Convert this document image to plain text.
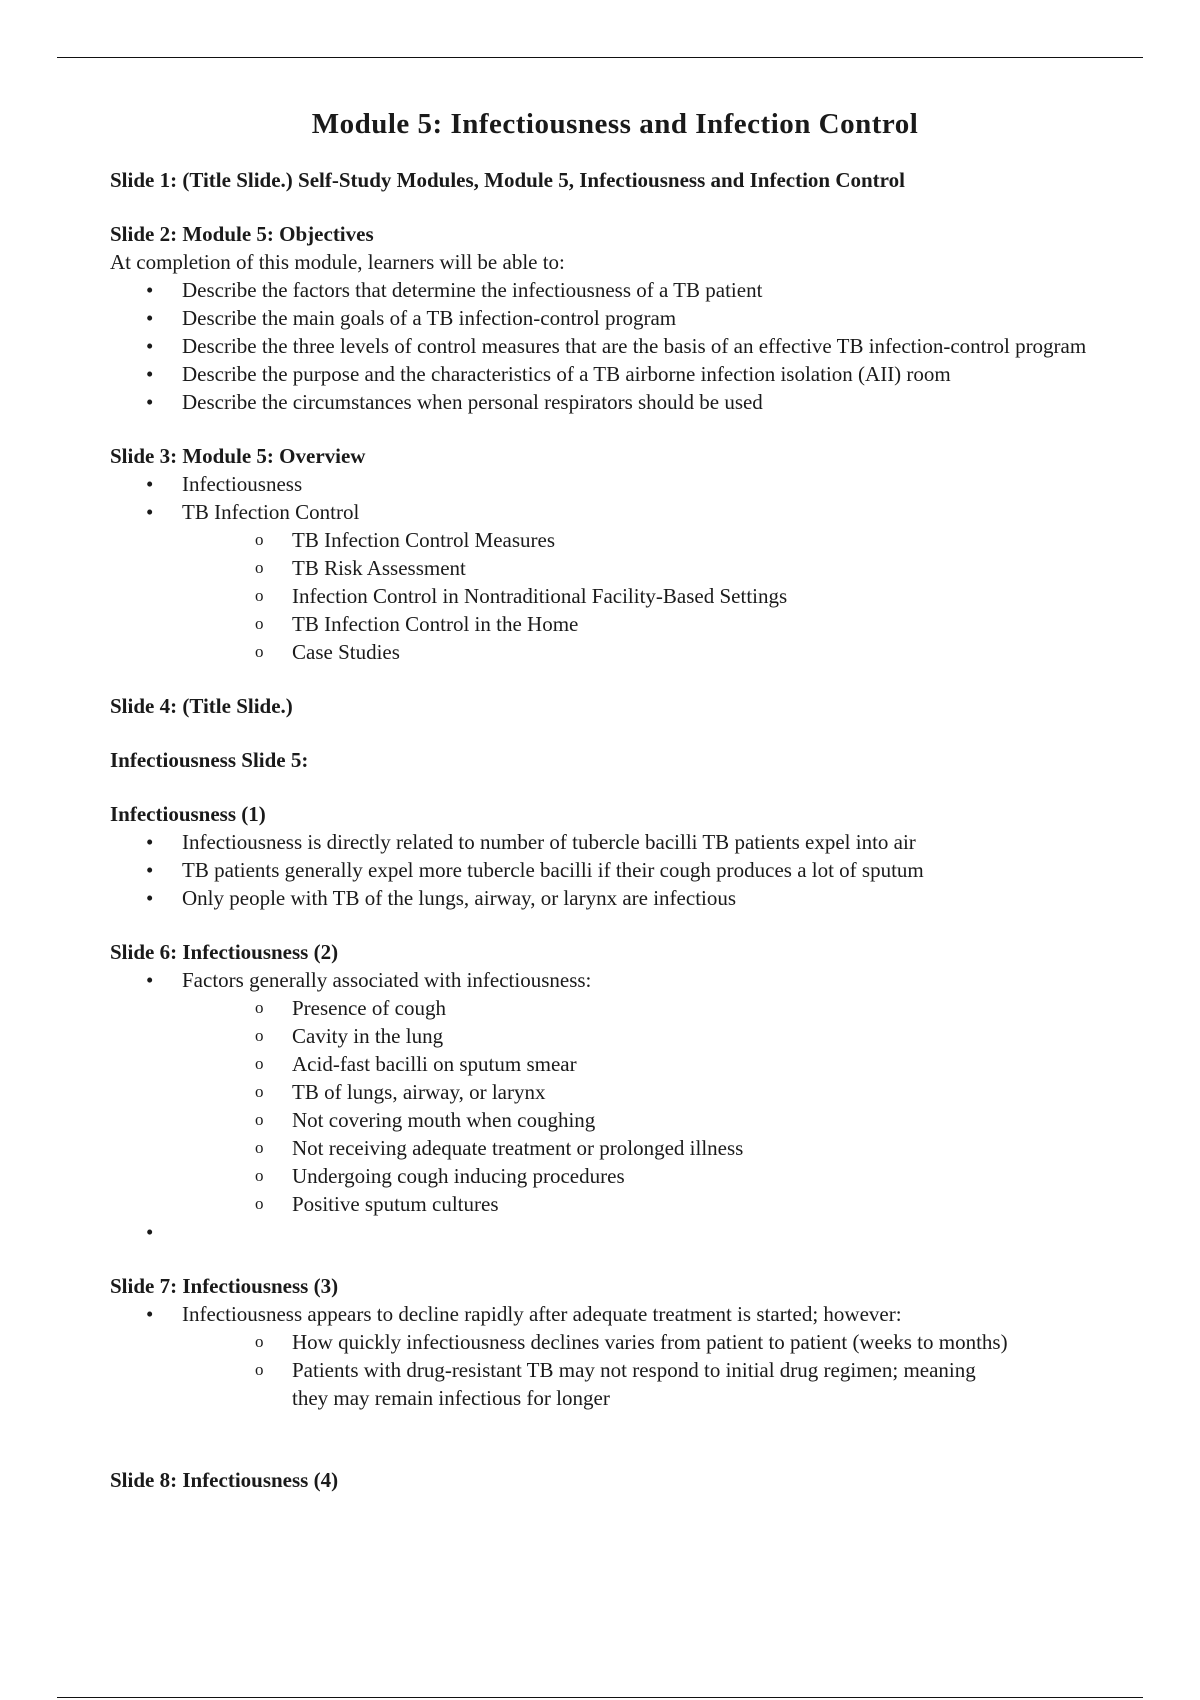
Module 5: Infectiousness and Infection Control

Slide 1: (Title Slide.) Self-Study Modules, Module 5, Infectiousness and Infection Control

Slide 2: Module 5: Objectives

At completion of this module, learners will be able to:

• Describe the factors that determine the infectiousness of a TB patient
• Describe the main goals of a TB infection-control program
• Describe the three levels of control measures that are the basis of an effective TB infection-control program
• Describe the purpose and the characteristics of a TB airborne infection isolation (AII) room
• Describe the circumstances when personal respirators should be used

Slide 3: Module 5: Overview

• Infectiousness
• TB Infection Control
o TB Infection Control Measures
o TB Risk Assessment
o Infection Control in Nontraditional Facility-Based Settings
o TB Infection Control in the Home
o Case Studies

Slide 4: (Title Slide.)

Infectiousness Slide 5:

Infectiousness (1)

• Infectiousness is directly related to number of tubercle bacilli TB patients expel into air
• TB patients generally expel more tubercle bacilli if their cough produces a lot of sputum
• Only people with TB of the lungs, airway, or larynx are infectious

Slide 6: Infectiousness (2)

• Factors generally associated with infectiousness:
o Presence of cough
o Cavity in the lung
o Acid-fast bacilli on sputum smear
o TB of lungs, airway, or larynx
o Not covering mouth when coughing
o Not receiving adequate treatment or prolonged illness
o Undergoing cough inducing procedures
o Positive sputum cultures
•

Slide 7: Infectiousness (3)

• Infectiousness appears to decline rapidly after adequate treatment is started; however:
o How quickly infectiousness declines varies from patient to patient (weeks to months)
o Patients with drug-resistant TB may not respond to initial drug regimen; meaning they may remain infectious for longer

Slide 8: Infectiousness (4)
